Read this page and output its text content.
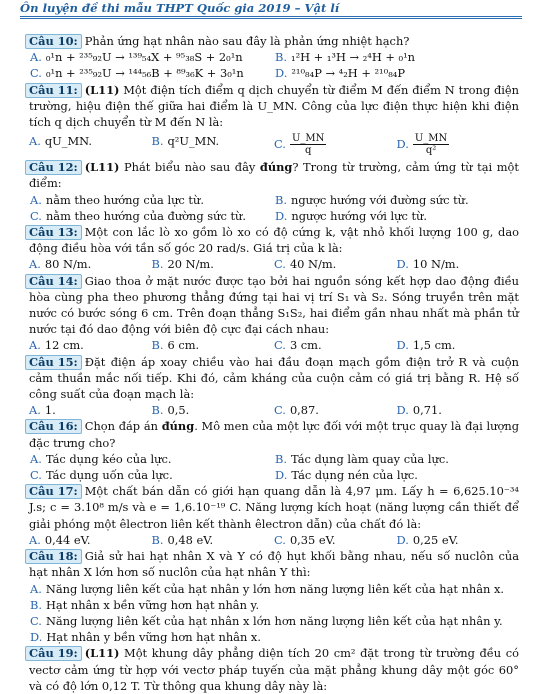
Ôn luyện đề thi mẫu THPT Quốc gia 2019 – Vật lí
Câu 10: Phản ứng hạt nhân nào sau đây là phản ứng nhiệt hạch?
A. ₀¹n + ²³⁵₉₂U → ¹³⁹₅₄X + ⁹⁵₃₈S + 2₀¹n	B. ₁²H + ₁³H → ₂⁴H + ₀¹n
C. ₀¹n + ²³⁵₉₂U → ¹⁴⁴₅₆B + ⁸⁹₃₆K + 3₀¹n	D. ²¹⁰₈₄P → ⁴₂H + ²¹⁰₈₄P
Câu 11: (L11) Một điện tích điểm q dịch chuyển từ điểm M đến điểm N trong điện trường, hiệu điện thế giữa hai điểm là U_MN. Công của lực điện thực hiện khi điện tích q dịch chuyển từ M đến N là:
A. qU_MN.	B. q²U_MN.	C. $\frac{U\_MN}{q}$	D. $\frac{U\_MN}{\text{q²}}$
Câu 12: (L11) Phát biểu nào sau đây đúng? Trong từ trường, cảm ứng từ tại một điểm:
A. nằm theo hướng của lực từ.	B. ngược hướng với đường sức từ.
C. nằm theo hướng của đường sức từ.	D. ngược hướng với lực từ.
Câu 13: Một con lắc lò xo gồm lò xo có độ cứng k, vật nhỏ khối lượng 100 g, dao động điều hòa với tần số góc 20 rad/s. Giá trị của k là:
A. 80 N/m.	B. 20 N/m.	C. 40 N/m.	D. 10 N/m.
Câu 14: Giao thoa ở mặt nước được tạo bởi hai nguồn sóng kết hợp dao động điều hòa cùng pha theo phương thẳng đứng tại hai vị trí S₁ và S₂. Sóng truyền trên mặt nước có bước sóng 6 cm. Trên đoạn thẳng S₁S₂, hai điểm gần nhau nhất mà phần tử nước tại đó dao động với biên độ cực đại cách nhau:
A. 12 cm.	B. 6 cm.	C. 3 cm.	D. 1,5 cm.
Câu 15: Đặt điện áp xoay chiều vào hai đầu đoạn mạch gồm điện trở R và cuộn cảm thuần mắc nối tiếp. Khi đó, cảm kháng của cuộn cảm có giá trị bằng R. Hệ số công suất của đoạn mạch là:
A. 1.	B. 0,5.	C. 0,87.	D. 0,71.
Câu 16: Chọn đáp án đúng. Mô men của một lực đối với một trục quay là đại lượng đặc trưng cho?
A. Tác dụng kéo của lực.	B. Tác dụng làm quay của lực.
C. Tác dụng uốn của lực.	D. Tác dụng nén của lực.
Câu 17: Một chất bán dẫn có giới hạn quang dẫn là 4,97 μm. Lấy h = 6,625.10⁻³⁴ J.s; c = 3.10⁸ m/s và e = 1,6.10⁻¹⁹ C. Năng lượng kích hoạt (năng lượng cần thiết để giải phóng một êlectron liên kết thành êlectron dẫn) của chất đó là:
A. 0,44 eV.	B. 0,48 eV.	C. 0,35 eV.	D. 0,25 eV.
Câu 18: Giả sử hai hạt nhân X và Y có độ hụt khối bằng nhau, nếu số nuclôn của hạt nhân X lớn hơn số nuclôn của hạt nhân Y thì:
A. Năng lượng liên kết của hạt nhân y lớn hơn năng lượng liên kết của hạt nhân x.
B. Hạt nhân x bền vững hơn hạt nhân y.
C. Năng lượng liên kết của hạt nhân x lớn hơn năng lượng liên kết của hạt nhân y.
D. Hạt nhân y bền vững hơn hạt nhân x.
Câu 19: (L11) Một khung dây phẳng diện tích 20 cm² đặt trong từ trường đều có vectơ cảm ứng từ hợp với vectơ pháp tuyến của mặt phẳng khung dây một góc 60° và có độ lớn 0,12 T. Từ thông qua khung dây này là:
